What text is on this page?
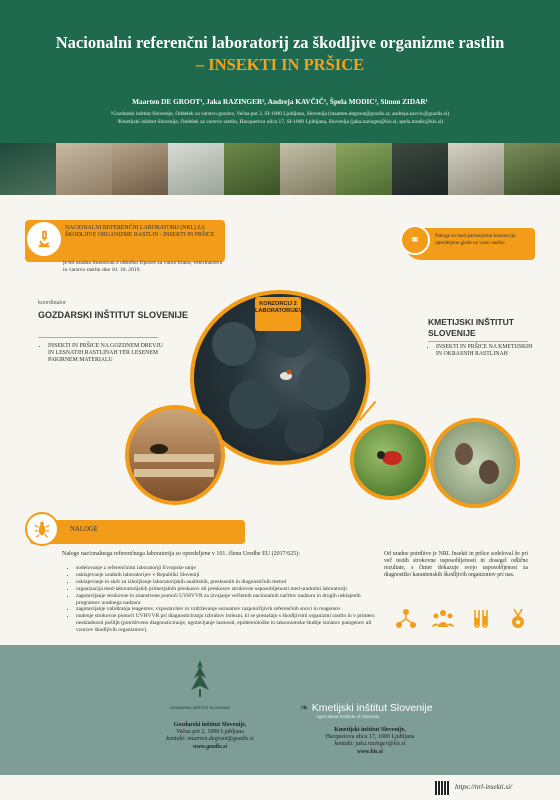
Nacionalni referenčni laboratorij za škodljive organizme rastlin
– INSEKTI IN PRŠICE
Maarten DE GROOT¹, Jaka RAZINGER², Andreja KAVČIČ¹, Špela MODIC², Simon ZIDAR¹
¹Gozdarski inštitut Slovenije, Oddelek za varstvo gozdov, Večna pot 2, SI-1000 Ljubljana, Slovenija (maarten.degroot@gozdis.si; andreja.kavcic@gozdis.si)
²Kmetijski inštitut Slovenije, Oddelek za varstvo rastlin, Hacquetova ulica 17, SI-1000 Ljubljana, Slovenija (jaka.razinger@kis.si; spela.modic@kis.si)
NACIONALNI REFERENČNI LABORATORIJ (NRL) ZA ŠKODLJIVE ORGANIZME RASTLIN - INSEKTI IN PRŠICE
je bil uradno imenovan z odločbo Uprave za varno hrano, veterinarstvo in varstvo rastlin dne 10. 10. 2019.
Naloge so med partnerjema konzorcija opredeljene glede na vrsto rastlin:
⚭
koordinator
GOZDARSKI INŠTITUT SLOVENIJE
• INSEKTI IN PRŠICE NA GOZDNEM DREVJU IN LESNATIH RASTLINAH TER LESENEM PAKIRNEM MATERIALU
KMETIJSKI INŠTITUT SLOVENIJE
• INSEKTI IN PRŠICE NA KMETIJSKIH IN OKRASNIH RASTLINAH
KONZORCIJ 2 LABORATORIJEV
NALOGE
Naloge nacionalnega referenčnega laboratorija so opredeljene v 101. členu Uredbe EU (2017/625):
• sodelovanje z referenčnimi laboratoriji Evropske unije
• usklajevanje uradnih laboratorijev v Republiki Sloveniji
• usklajevanje in skrb za izboljšanje laboratorijskih analitskih, preskusnih in diagnostičnih metod
• organizacija med-laboratorijskih primerjalnih preskusov ali preskusov strokovne usposobljenosti med uradnimi laboratoriji
• zagotavljanje strokovne in znanstvene pomoči UVHVVR za izvajanje večletnih nacionalnih načrtov nadzora in drugih usklajenih programov uradnega nadzora
• zagotavljanje validiranja reagentov, vzpostavitev in vzdrževanje seznamov razpoložljivih referenčnih snovi in reagentov
• nudenje strokovne pomoči UVHVVR pri diagnosticiranju izbruhov bolezni, ki se prenašajo s škodljivimi organizmi rastlin in v primeru neskladnosti pošiljk (potrditveno diagnosticiranje, ugotavljanje lastnosti, epidemiološke in taksonomske študije izolatov patogenov ali vzorcev škodljivih organizmov).
Od uradne potrditve je NRL Insekti in pršice sodeloval že pri več testih strokovne usposobljenosti in dosegel odlične rezultate, s čimer dokazuje svojo usposobljenost za diagnostiko karantenskih škodljivih organizmov pri nas.
GOZDARSKI INŠTITUT SLOVENIJE
Gozdarski inštitut Slovenije,
Večna pot 2, 1000 Ljubljana
kontakt: maarten.degroot@gozdis.si
www.gozdis.si
❧ Kmetijski inštitut Slovenije
Agricultural Institute of Slovenia
Kmetijski inštitut Slovenije,
Hacquetova ulica 17, 1000 Ljubljana
kontakt: jaka.razinger@kis.si
www.kis.si
https://nrl-insekti.si/
